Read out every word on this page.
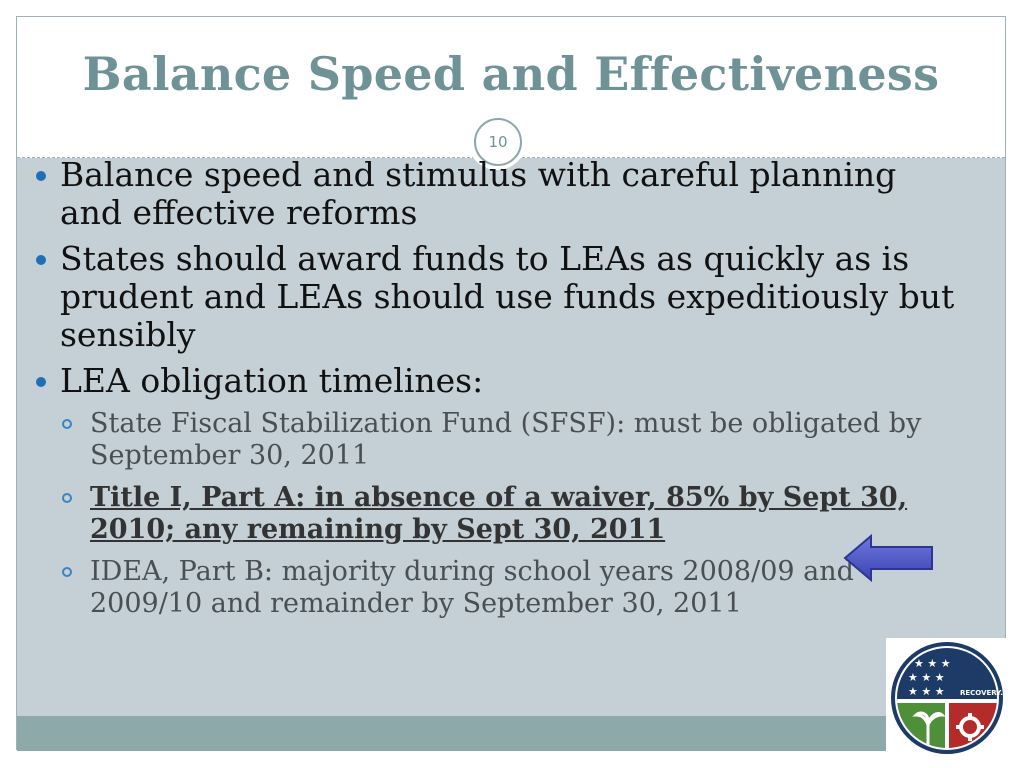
Balance Speed and Effectiveness
10
Balance speed and stimulus with careful planning and effective reforms
States should award funds to LEAs as quickly as is prudent and LEAs should use funds expeditiously but sensibly
LEA obligation timelines:
State Fiscal Stabilization Fund (SFSF): must be obligated by September 30, 2011
Title I, Part A: in absence of a waiver, 85% by Sept 30, 2010; any remaining by Sept 30, 2011
IDEA, Part B: majority during school years 2008/09 and 2009/10 and remainder by September 30, 2011
★ ★ ★
★ ★ ★
★ ★ ★ RECOVERY.GOV
